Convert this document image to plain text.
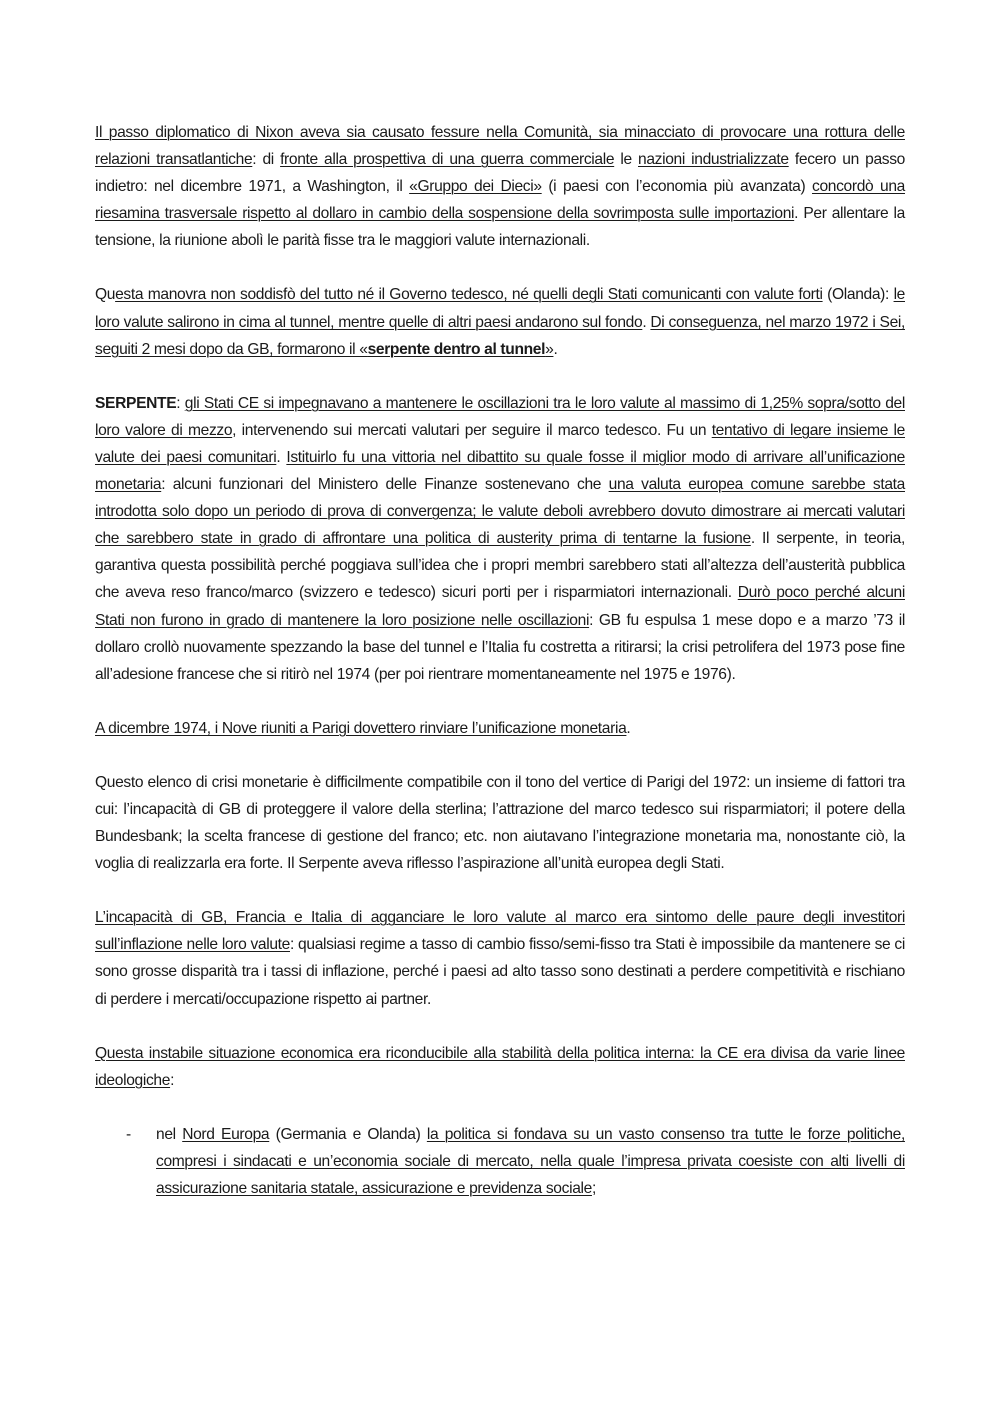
Il passo diplomatico di Nixon aveva sia causato fessure nella Comunità, sia minacciato di provocare una rottura delle relazioni transatlantiche: di fronte alla prospettiva di una guerra commerciale le nazioni industrializzate fecero un passo indietro: nel dicembre 1971, a Washington, il «Gruppo dei Dieci» (i paesi con l’economia più avanzata) concordò una riesamina trasversale rispetto al dollaro in cambio della sospensione della sovrimposta sulle importazioni. Per allentare la tensione, la riunione abolì le parità fisse tra le maggiori valute internazionali.

Questa manovra non soddisfò del tutto né il Governo tedesco, né quelli degli Stati comunicanti con valute forti (Olanda): le loro valute salirono in cima al tunnel, mentre quelle di altri paesi andarono sul fondo. Di conseguenza, nel marzo 1972 i Sei, seguiti 2 mesi dopo da GB, formarono il «serpente dentro al tunnel».

SERPENTE: gli Stati CE si impegnavano a mantenere le oscillazioni tra le loro valute al massimo di 1,25% sopra/sotto del loro valore di mezzo, intervenendo sui mercati valutari per seguire il marco tedesco. Fu un tentativo di legare insieme le valute dei paesi comunitari. Istituirlo fu una vittoria nel dibattito su quale fosse il miglior modo di arrivare all’unificazione monetaria: alcuni funzionari del Ministero delle Finanze sostenevano che una valuta europea comune sarebbe stata introdotta solo dopo un periodo di prova di convergenza; le valute deboli avrebbero dovuto dimostrare ai mercati valutari che sarebbero state in grado di affrontare una politica di austerity prima di tentarne la fusione. Il serpente, in teoria, garantiva questa possibilità perché poggiava sull’idea che i propri membri sarebbero stati all’altezza dell’austerità pubblica che aveva reso franco/marco (svizzero e tedesco) sicuri porti per i risparmiatori internazionali. Durò poco perché alcuni Stati non furono in grado di mantenere la loro posizione nelle oscillazioni: GB fu espulsa 1 mese dopo e a marzo ’73 il dollaro crollò nuovamente spezzando la base del tunnel e l’Italia fu costretta a ritirarsi; la crisi petrolifera del 1973 pose fine all’adesione francese che si ritirò nel 1974 (per poi rientrare momentaneamente nel 1975 e 1976).

A dicembre 1974, i Nove riuniti a Parigi dovettero rinviare l’unificazione monetaria.

Questo elenco di crisi monetarie è difficilmente compatibile con il tono del vertice di Parigi del 1972: un insieme di fattori tra cui: l’incapacità di GB di proteggere il valore della sterlina; l’attrazione del marco tedesco sui risparmiatori; il potere della Bundesbank; la scelta francese di gestione del franco; etc. non aiutavano l’integrazione monetaria ma, nonostante ciò, la voglia di realizzarla era forte. Il Serpente aveva riflesso l’aspirazione all’unità europea degli Stati.

L’incapacità di GB, Francia e Italia di agganciare le loro valute al marco era sintomo delle paure degli investitori sull’inflazione nelle loro valute: qualsiasi regime a tasso di cambio fisso/semi-fisso tra Stati è impossibile da mantenere se ci sono grosse disparità tra i tassi di inflazione, perché i paesi ad alto tasso sono destinati a perdere competitività e rischiano di perdere i mercati/occupazione rispetto ai partner.

Questa instabile situazione economica era riconducibile alla stabilità della politica interna: la CE era divisa da varie linee ideologiche:

- nel Nord Europa (Germania e Olanda) la politica si fondava su un vasto consenso tra tutte le forze politiche, compresi i sindacati e un’economia sociale di mercato, nella quale l’impresa privata coesiste con alti livelli di assicurazione sanitaria statale, assicurazione e previdenza sociale;
